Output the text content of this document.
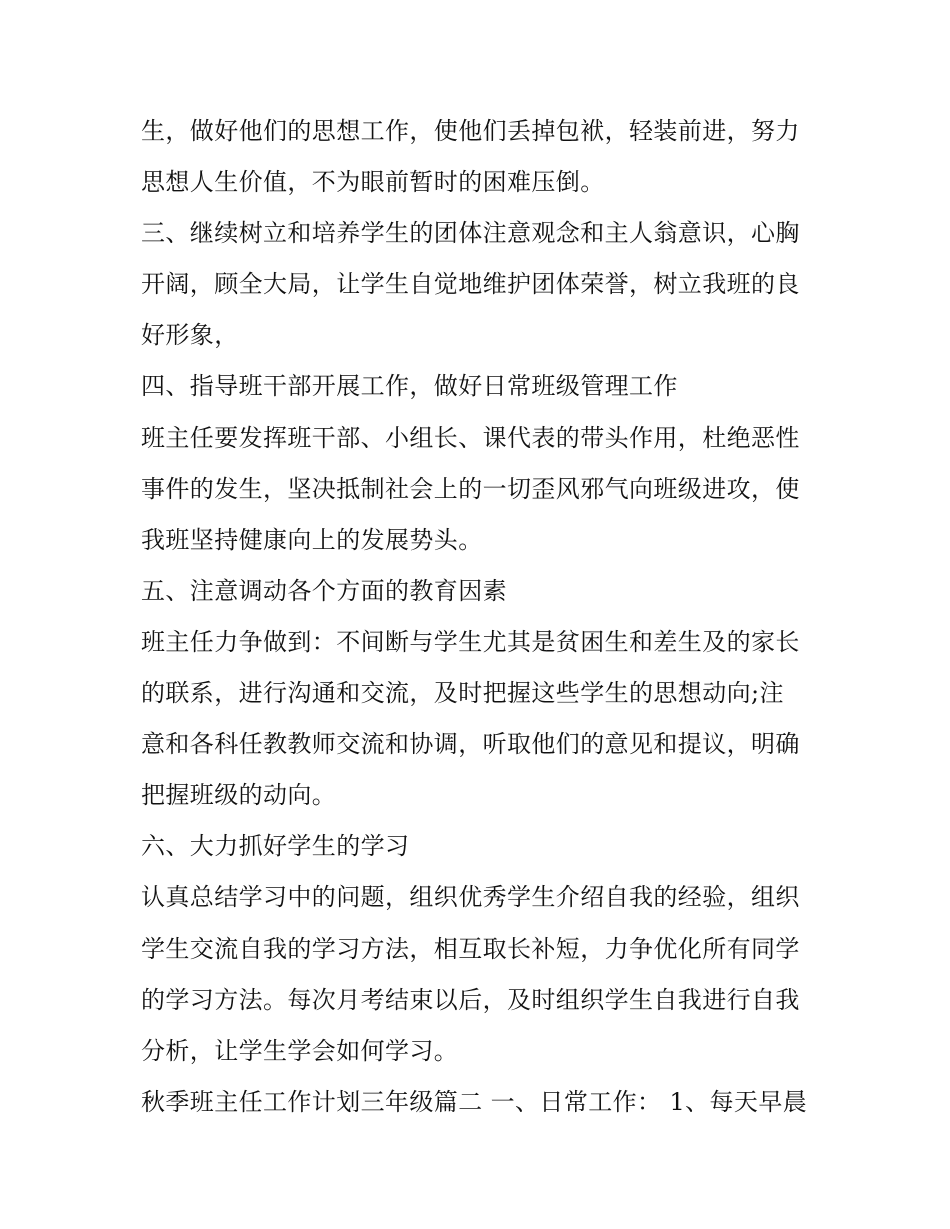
生，做好他们的思想工作，使他们丢掉包袱，轻装前进，努力
思想人生价值，不为眼前暂时的困难压倒。
三、继续树立和培养学生的团体注意观念和主人翁意识，心胸
开阔，顾全大局，让学生自觉地维护团体荣誉，树立我班的良
好形象，
四、指导班干部开展工作，做好日常班级管理工作
班主任要发挥班干部、小组长、课代表的带头作用，杜绝恶性
事件的发生，坚决抵制社会上的一切歪风邪气向班级进攻，使
我班坚持健康向上的发展势头。
五、注意调动各个方面的教育因素
班主任力争做到：不间断与学生尤其是贫困生和差生及的家长
的联系，进行沟通和交流，及时把握这些学生的思想动向;注
意和各科任教教师交流和协调，听取他们的意见和提议，明确
把握班级的动向。
六、大力抓好学生的学习
认真总结学习中的问题，组织优秀学生介绍自我的经验，组织
学生交流自我的学习方法，相互取长补短，力争优化所有同学
的学习方法。每次月考结束以后，及时组织学生自我进行自我
分析，让学生学会如何学习。
秋季班主任工作计划三年级篇二 一、日常工作： 1、每天早晨
